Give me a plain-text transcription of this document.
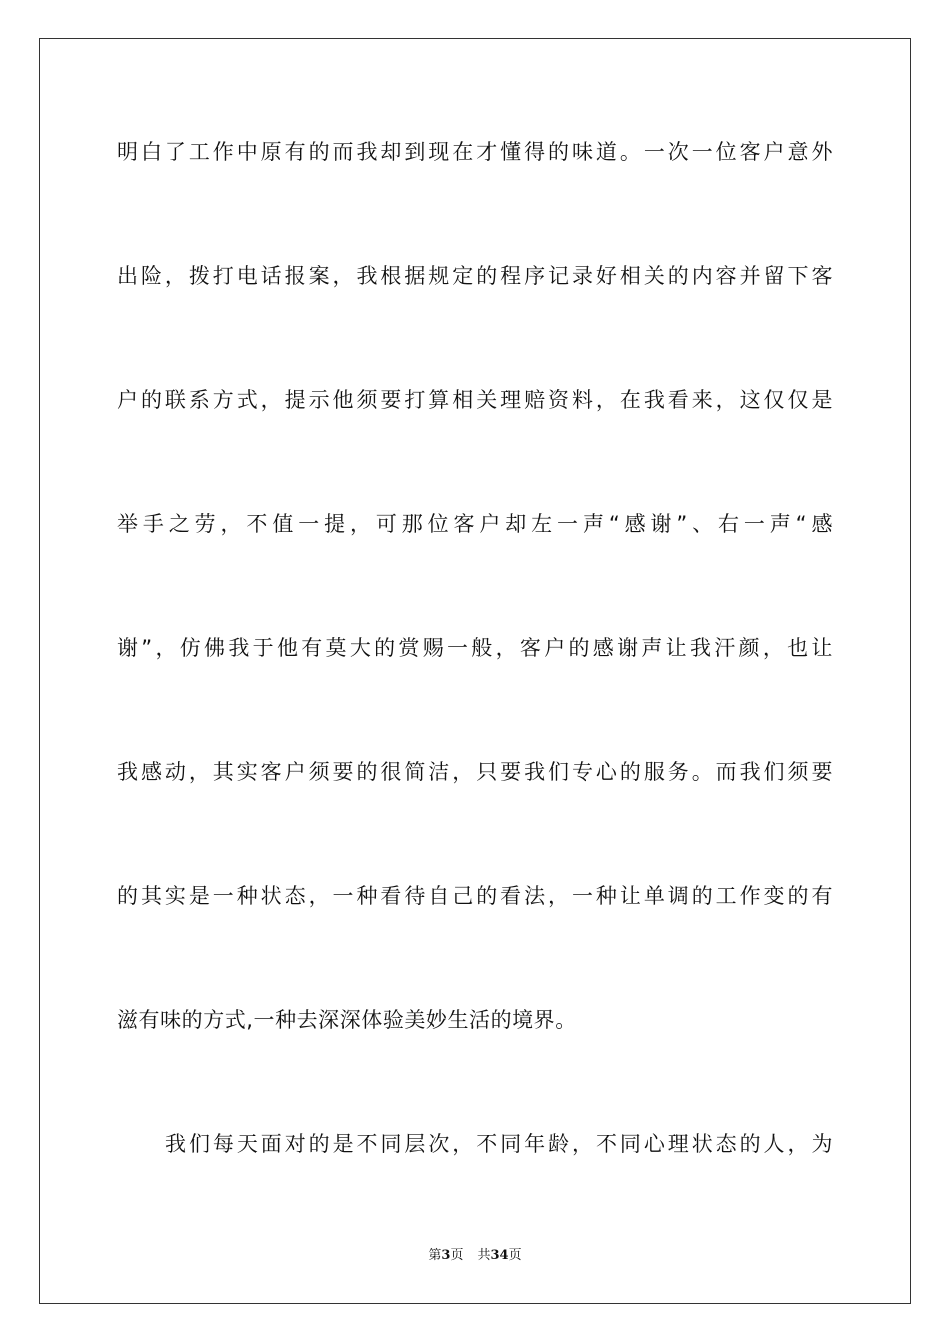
明白了工作中原有的而我却到现在才懂得的味道。一次一位客户意外
出险，拨打电话报案，我根据规定的程序记录好相关的内容并留下客
户的联系方式，提示他须要打算相关理赔资料，在我看来，这仅仅是
举手之劳，不值一提，可那位客户却左一声“感谢”、右一声“感
谢”，仿佛我于他有莫大的赏赐一般，客户的感谢声让我汗颜，也让
我感动，其实客户须要的很简洁，只要我们专心的服务。而我们须要
的其实是一种状态，一种看待自己的看法，一种让单调的工作变的有
滋有味的方式,一种去深深体验美妙生活的境界。
我们每天面对的是不同层次，不同年龄，不同心理状态的人，为
第3页 共34页
